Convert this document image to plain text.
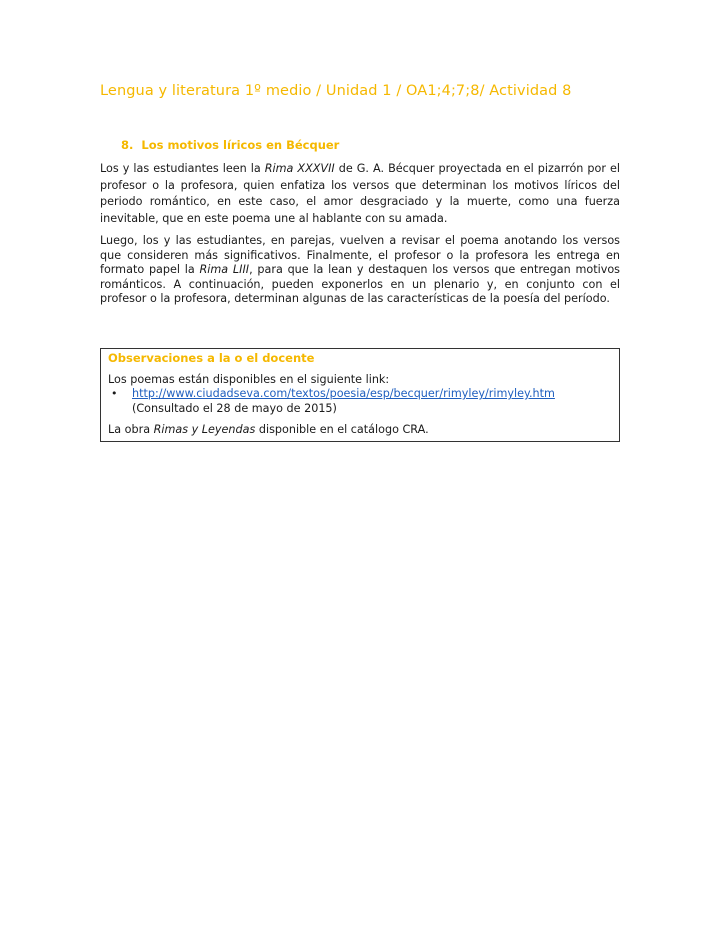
Lengua y literatura 1º medio / Unidad 1 / OA1;4;7;8/ Actividad 8
8. Los motivos líricos en Bécquer

Los y las estudiantes leen la Rima XXXVII de G. A. Bécquer proyectada en el pizarrón por el profesor o la profesora, quien enfatiza los versos que determinan los motivos líricos del periodo romántico, en este caso, el amor desgraciado y la muerte, como una fuerza inevitable, que en este poema une al hablante con su amada.

Luego, los y las estudiantes, en parejas, vuelven a revisar el poema anotando los versos que consideren más significativos. Finalmente, el profesor o la profesora les entrega en formato papel la Rima LIII, para que la lean y destaquen los versos que entregan motivos románticos. A continuación, pueden exponerlos en un plenario y, en conjunto con el profesor o la profesora, determinan algunas de las características de la poesía del período.

Observaciones a la o el docente
Los poemas están disponibles en el siguiente link:
• http://www.ciudadseva.com/textos/poesia/esp/becquer/rimyley/rimyley.htm
(Consultado el 28 de mayo de 2015)
La obra Rimas y Leyendas disponible en el catálogo CRA.
